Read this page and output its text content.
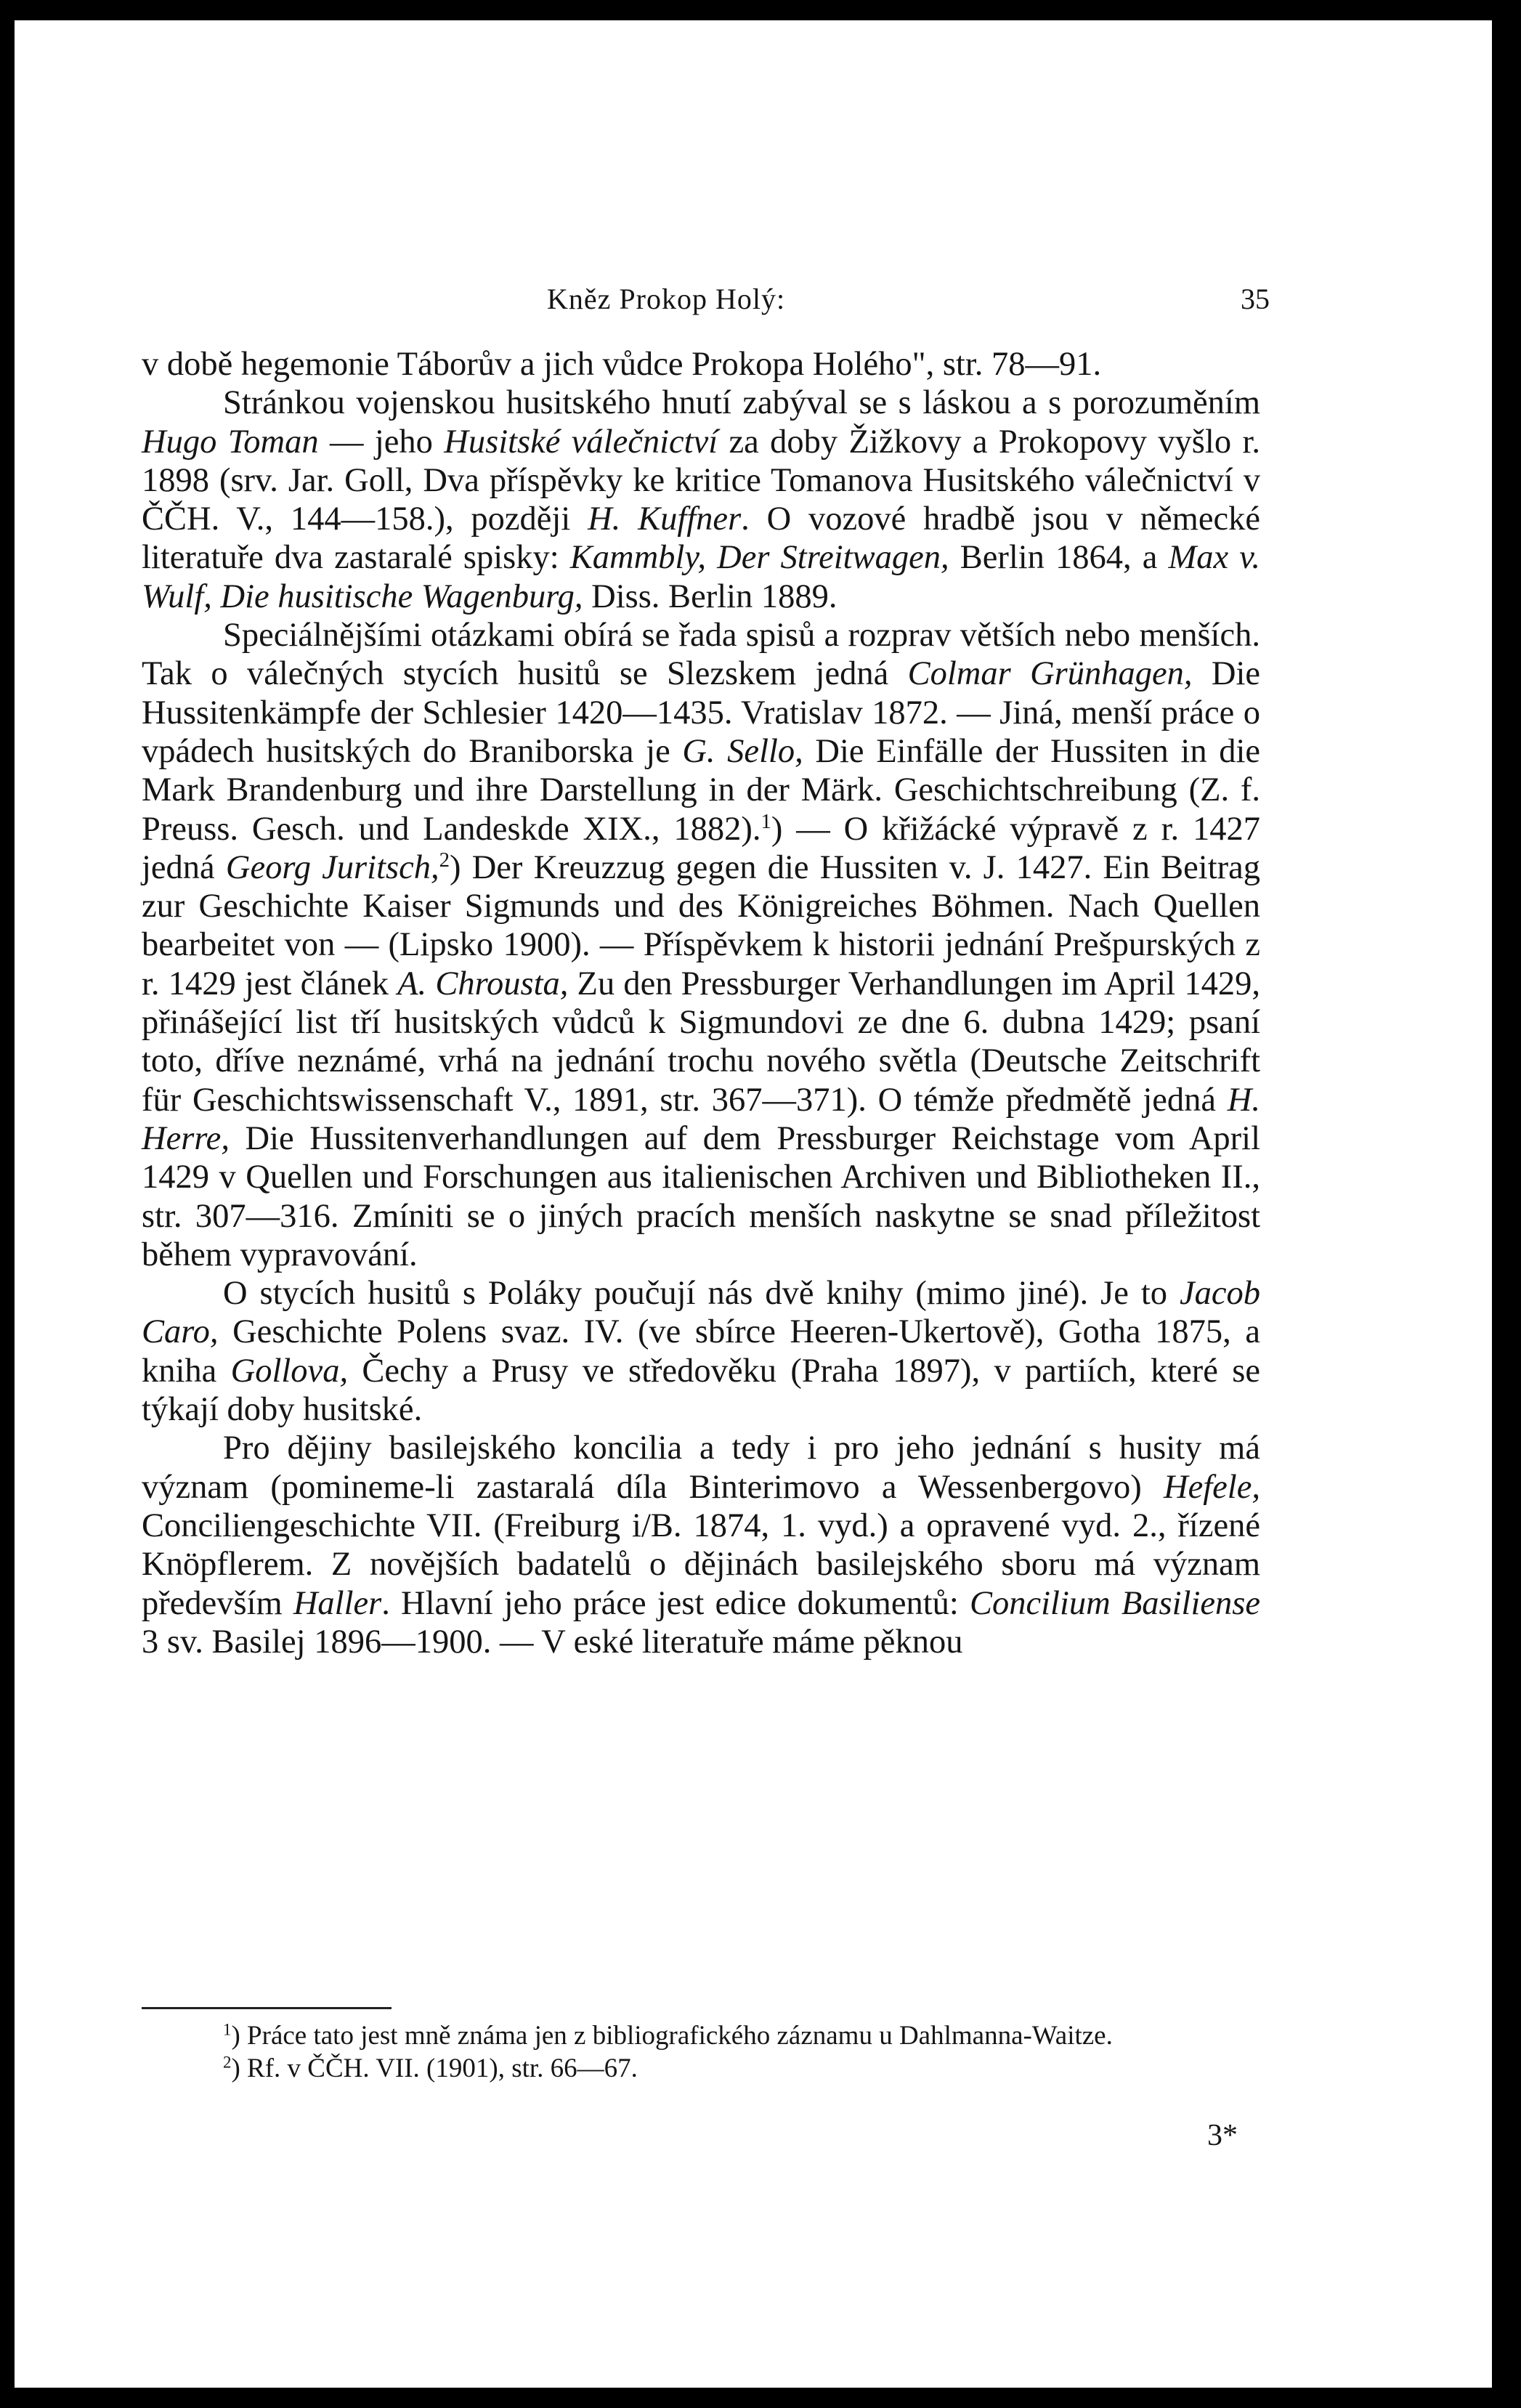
Kněz Prokop Holý:	35

v době hegemonie Táborův a jich vůdce Prokopa Holého", str. 78—91.

Stránkou vojenskou husitského hnutí zabýval se s láskou a s porozuměním Hugo Toman — jeho Husitské válečnictví za doby Žižkovy a Prokopovy vyšlo r. 1898 (srv. Jar. Goll, Dva příspěvky ke kritice Tomanova Husitského válečnictví v ČČH. V., 144—158.), později H. Kuffner. O vozové hradbě jsou v německé literatuře dva zastaralé spisky: Kammbly, Der Streitwagen, Berlin 1864, a Max v. Wulf, Die husitische Wagenburg, Diss. Berlin 1889.

Speciálnějšími otázkami obírá se řada spisů a rozprav větších nebo menších. Tak o válečných stycích husitů se Slezskem jedná Colmar Grünhagen, Die Hussitenkämpfe der Schlesier 1420—1435. Vratislav 1872. — Jiná, menší práce o vpádech husitských do Braniborska je G. Sello, Die Einfälle der Hussiten in die Mark Brandenburg und ihre Darstellung in der Märk. Geschichtschreibung (Z. f. Preuss. Gesch. und Landeskde XIX., 1882).$^1$) — O křižácké výpravě z r. 1427 jedná Georg Juritsch,$^2$) Der Kreuzzug gegen die Hussiten v. J. 1427. Ein Beitrag zur Geschichte Kaiser Sigmunds und des Königreiches Böhmen. Nach Quellen bearbeitet von — (Lipsko 1900). — Příspěvkem k historii jednání Prešpurských z r. 1429 jest článek A. Chrousta, Zu den Pressburger Verhandlungen im April 1429, přinášející list tří husitských vůdců k Sigmundovi ze dne 6. dubna 1429; psaní toto, dříve neznámé, vrhá na jednání trochu nového světla (Deutsche Zeitschrift für Geschichtswissenschaft V., 1891, str. 367—371). O témže předmětě jedná H. Herre, Die Hussitenverhandlungen auf dem Pressburger Reichstage vom April 1429 v Quellen und Forschungen aus italienischen Archiven und Bibliotheken II., str. 307—316. Zmíniti se o jiných pracích menších naskytne se snad příležitost během vypravování.

O stycích husitů s Poláky poučují nás dvě knihy (mimo jiné). Je to Jacob Caro, Geschichte Polens svaz. IV. (ve sbírce Heeren-Ukertově), Gotha 1875, a kniha Gollova, Čechy a Prusy ve středověku (Praha 1897), v partiích, které se týkají doby husitské.

Pro dějiny basilejského koncilia a tedy i pro jeho jednání s husity má význam (pomineme-li zastaralá díla Binterimovo a Wessenbergovo) Hefele, Conciliengeschichte VII. (Freiburg i/B. 1874, 1. vyd.) a opravené vyd. 2., řízené Knöpflerem. Z novějších badatelů o dějinách basilejského sboru má význam především Haller. Hlavní jeho práce jest edice dokumentů: Concilium Basiliense 3 sv. Basilej 1896—1900. — V eské literatuře máme pěknou

$^1$) Práce tato jest mně známa jen z bibliografického záznamu u Dahlmanna-Waitze.

$^2$) Rf. v ČČH. VII. (1901), str. 66—67.

3*
